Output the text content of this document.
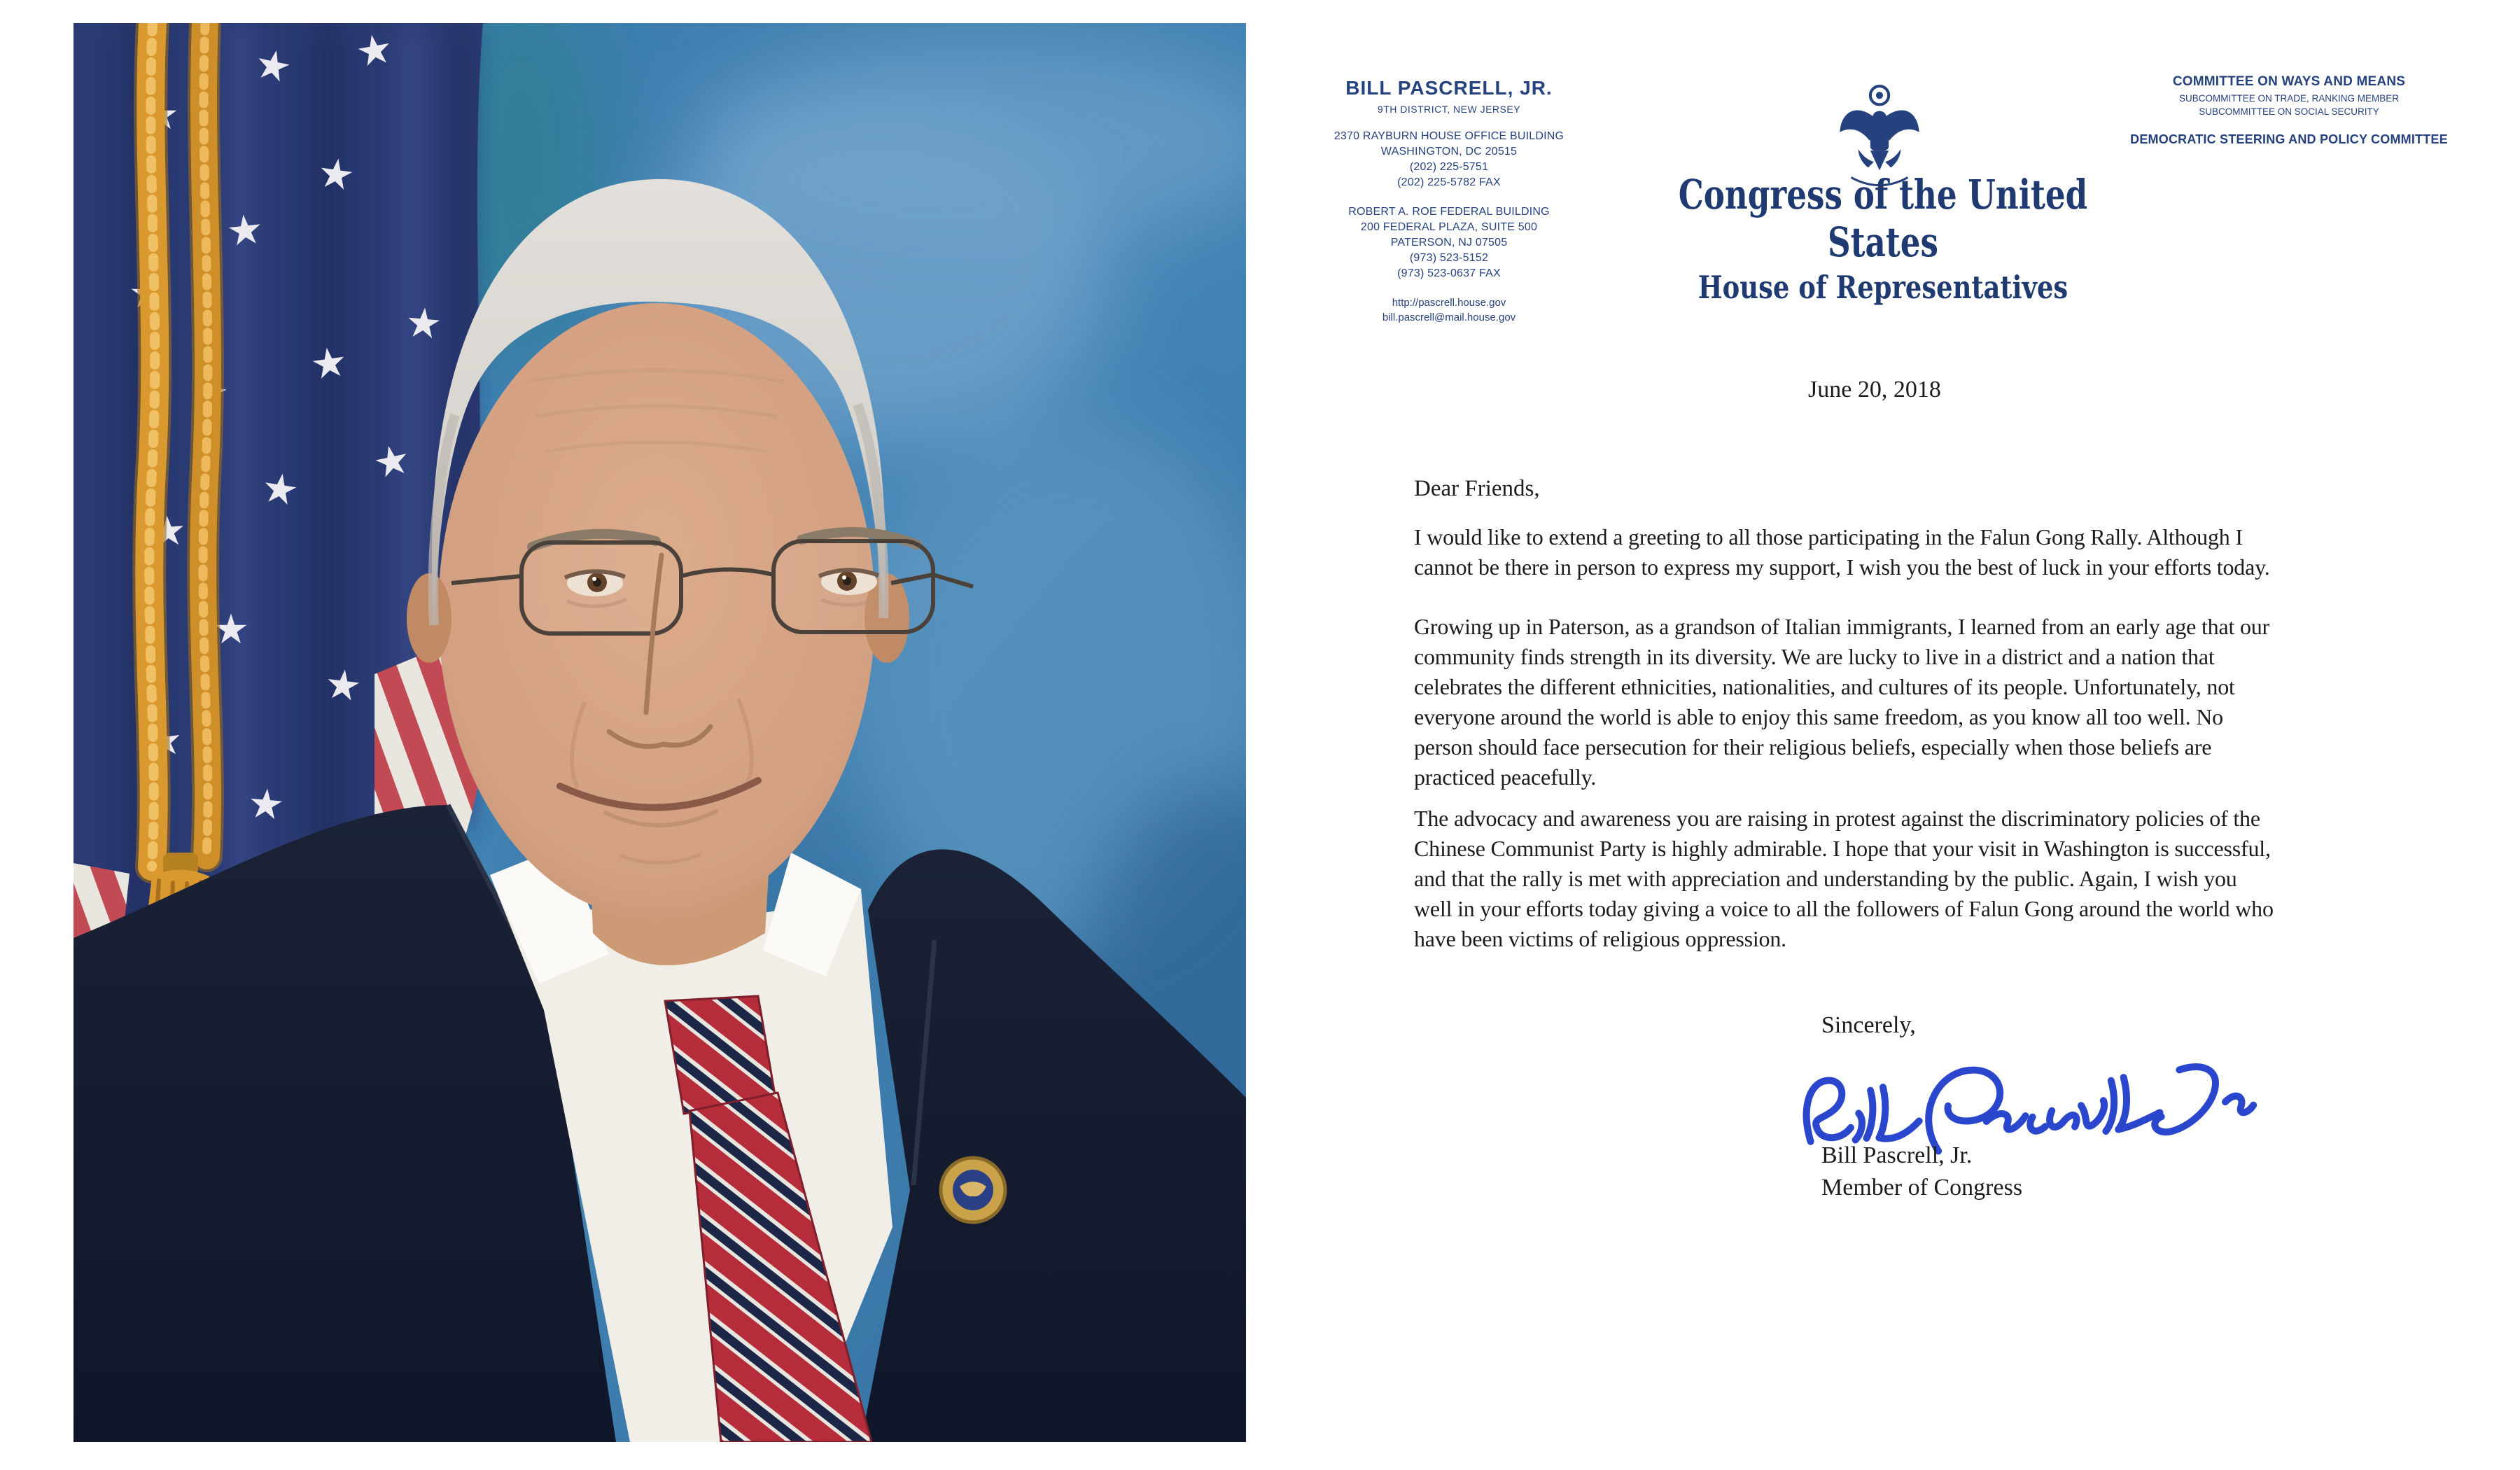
BILL PASCRELL, JR.
9TH DISTRICT, NEW JERSEY
2370 RAYBURN HOUSE OFFICE BUILDING
WASHINGTON, DC 20515
(202) 225-5751
(202) 225-5782 FAX
ROBERT A. ROE FEDERAL BUILDING
200 FEDERAL PLAZA, SUITE 500
PATERSON, NJ 07505
(973) 523-5152
(973) 523-0637 FAX
http://pascrell.house.gov
bill.pascrell@mail.house.gov
Congress of the United States
House of Representatives
COMMITTEE ON WAYS AND MEANS
SUBCOMMITTEE ON TRADE, RANKING MEMBER
SUBCOMMITTEE ON SOCIAL SECURITY
DEMOCRATIC STEERING AND POLICY COMMITTEE
June 20, 2018
Dear Friends,
I would like to extend a greeting to all those participating in the Falun Gong Rally. Although I
cannot be there in person to express my support, I wish you the best of luck in your efforts today.
Growing up in Paterson, as a grandson of Italian immigrants, I learned from an early age that our
community finds strength in its diversity. We are lucky to live in a district and a nation that
celebrates the different ethnicities, nationalities, and cultures of its people. Unfortunately, not
everyone around the world is able to enjoy this same freedom, as you know all too well. No
person should face persecution for their religious beliefs, especially when those beliefs are
practiced peacefully.
The advocacy and awareness you are raising in protest against the discriminatory policies of the
Chinese Communist Party is highly admirable. I hope that your visit in Washington is successful,
and that the rally is met with appreciation and understanding by the public. Again, I wish you
well in your efforts today giving a voice to all the followers of Falun Gong around the world who
have been victims of religious oppression.
Sincerely,
Bill Pascrell, Jr.
Member of Congress
